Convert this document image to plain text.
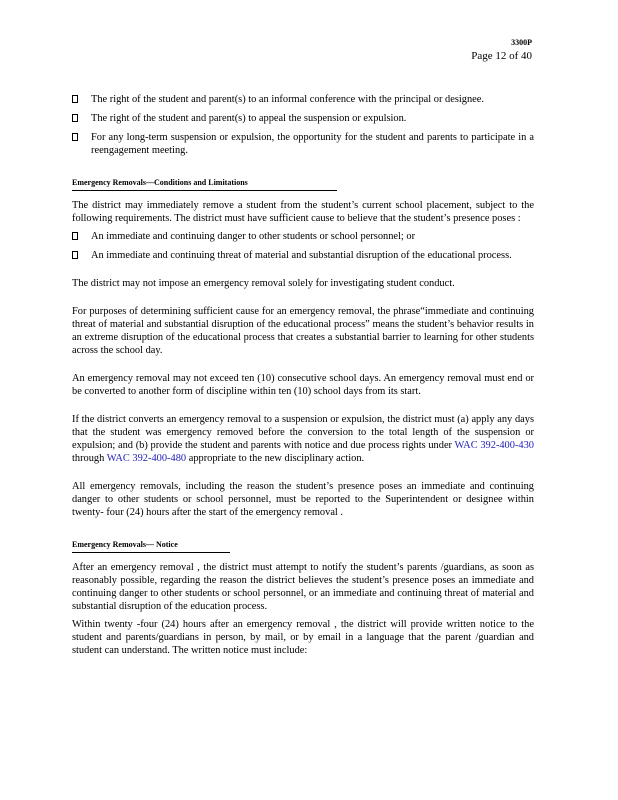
3300P
Page 12 of 40
The right of the student and parent(s) to an informal conference with the principal or designee.
The right of the student and parent(s) to appeal the suspension or expulsion.
For any long-term suspension or expulsion, the opportunity for the student and parents to participate in a reengagement meeting.
Emergency Removals—Conditions and Limitations

The district may immediately remove a student from the student’s current school placement, subject to the following requirements. The district must have sufficient cause to believe that the student’s presence poses :

An immediate and continuing danger to other students or school personnel; or
An immediate and continuing threat of material and substantial disruption of the educational process.

The district may not impose an emergency removal solely for investigating student conduct.

For purposes of determining sufficient cause for an emergency removal, the phrase“immediate and continuing threat of material and substantial disruption of the educational process” means the student’s behavior results in an extreme disruption of the educational process that creates a substantial barrier to learning for other students across the school day.

An emergency removal may not exceed ten (10) consecutive school days. An emergency removal must end or be converted to another form of discipline within ten (10) school days from its start.

If the district converts an emergency removal to a suspension or expulsion, the district must (a) apply any days that the student was emergency removed before the conversion to the total length of the suspension or expulsion; and (b) provide the student and parents with notice and due process rights under WAC 392-400-430 through WAC 392-400-480 appropriate to the new disciplinary action.

All emergency removals, including the reason the student’s presence poses an immediate and continuing danger to other students or school personnel, must be reported to the Superintendent or designee within twenty- four (24) hours after the start of the emergency removal .

Emergency Removals— Notice

After an emergency removal , the district must attempt to notify the student’s parents /guardians, as soon as reasonably possible, regarding the reason the district believes the student’s presence poses an immediate and continuing danger to other students or school personnel, or an immediate and continuing threat of material and substantial disruption of the education process.

Within twenty -four (24) hours after an emergency removal , the district will provide written notice to the student and parents/guardians in person, by mail, or by email in a language that the parent /guardian and student can understand. The written notice must include:
